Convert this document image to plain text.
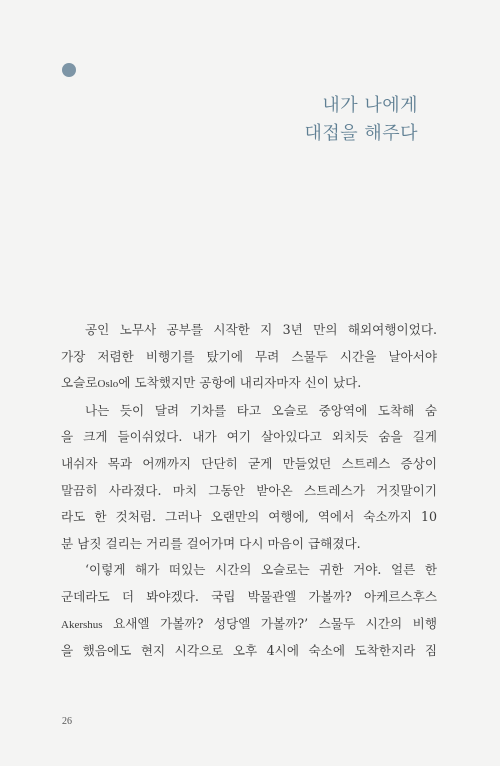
내가 나에게
대접을 해주다
공인 노무사 공부를 시작한 지 3년 만의 해외여행이었다.
가장 저렴한 비행기를 탔기에 무려 스물두 시간을 날아서야
오슬로Oslo에 도착했지만 공항에 내리자마자 신이 났다.
나는 듯이 달려 기차를 타고 오슬로 중앙역에 도착해 숨
을 크게 들이쉬었다. 내가 여기 살아있다고 외치듯 숨을 길게
내쉬자 목과 어깨까지 단단히 굳게 만들었던 스트레스 증상이
말끔히 사라졌다. 마치 그동안 받아온 스트레스가 거짓말이기
라도 한 것처럼. 그러나 오랜만의 여행에, 역에서 숙소까지 10
분 남짓 걸리는 거리를 걸어가며 다시 마음이 급해졌다.
‘이렇게 해가 떠있는 시간의 오슬로는 귀한 거야. 얼른 한
군데라도 더 봐야겠다. 국립 박물관엘 가볼까? 아케르스후스
Akershus 요새엘 가볼까? 성당엘 가볼까?’ 스물두 시간의 비행
을 했음에도 현지 시각으로 오후 4시에 숙소에 도착한지라 짐
26
